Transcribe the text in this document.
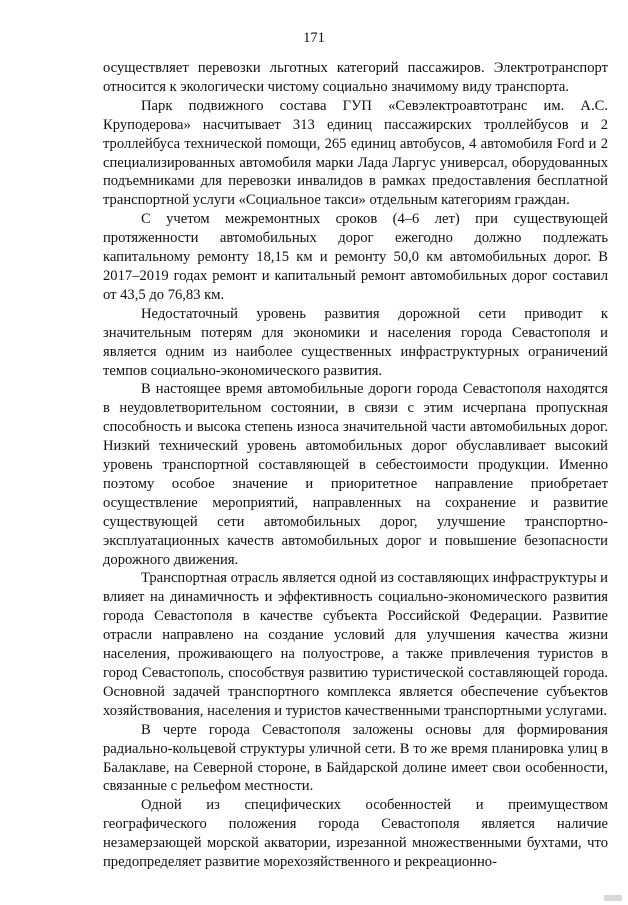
171

осуществляет перевозки льготных категорий пассажиров. Электротранспорт относится к экологически чистому социально значимому виду транспорта.

Парк подвижного состава ГУП «Севэлектроавтотранс им. А.С. Круподерова» насчитывает 313 единиц пассажирских троллейбусов и 2 троллейбуса технической помощи, 265 единиц автобусов, 4 автомобиля Ford и 2 специализированных автомобиля марки Лада Ларгус универсал, оборудованных подъемниками для перевозки инвалидов в рамках предоставления бесплатной транспортной услуги «Социальное такси» отдельным категориям граждан.

С учетом межремонтных сроков (4–6 лет) при существующей протяженности автомобильных дорог ежегодно должно подлежать капитальному ремонту 18,15 км и ремонту 50,0 км автомобильных дорог. В 2017–2019 годах ремонт и капитальный ремонт автомобильных дорог составил от 43,5 до 76,83 км.

Недостаточный уровень развития дорожной сети приводит к значительным потерям для экономики и населения города Севастополя и является одним из наиболее существенных инфраструктурных ограничений темпов социально-экономического развития.

В настоящее время автомобильные дороги города Севастополя находятся в неудовлетворительном состоянии, в связи с этим исчерпана пропускная способность и высока степень износа значительной части автомобильных дорог. Низкий технический уровень автомобильных дорог обуславливает высокий уровень транспортной составляющей в себестоимости продукции. Именно поэтому особое значение и приоритетное направление приобретает осуществление мероприятий, направленных на сохранение и развитие существующей сети автомобильных дорог, улучшение транспортно-эксплуатационных качеств автомобильных дорог и повышение безопасности дорожного движения.

Транспортная отрасль является одной из составляющих инфраструктуры и влияет на динамичность и эффективность социально-экономического развития города Севастополя в качестве субъекта Российской Федерации. Развитие отрасли направлено на создание условий для улучшения качества жизни населения, проживающего на полуострове, а также привлечения туристов в город Севастополь, способствуя развитию туристической составляющей города. Основной задачей транспортного комплекса является обеспечение субъектов хозяйствования, населения и туристов качественными транспортными услугами.

В черте города Севастополя заложены основы для формирования радиально-кольцевой структуры уличной сети. В то же время планировка улиц в Балаклаве, на Северной стороне, в Байдарской долине имеет свои особенности, связанные с рельефом местности.

Одной из специфических особенностей и преимуществом географического положения города Севастополя является наличие незамерзающей морской акватории, изрезанной множественными бухтами, что предопределяет развитие морехозяйственного и рекреационно-
